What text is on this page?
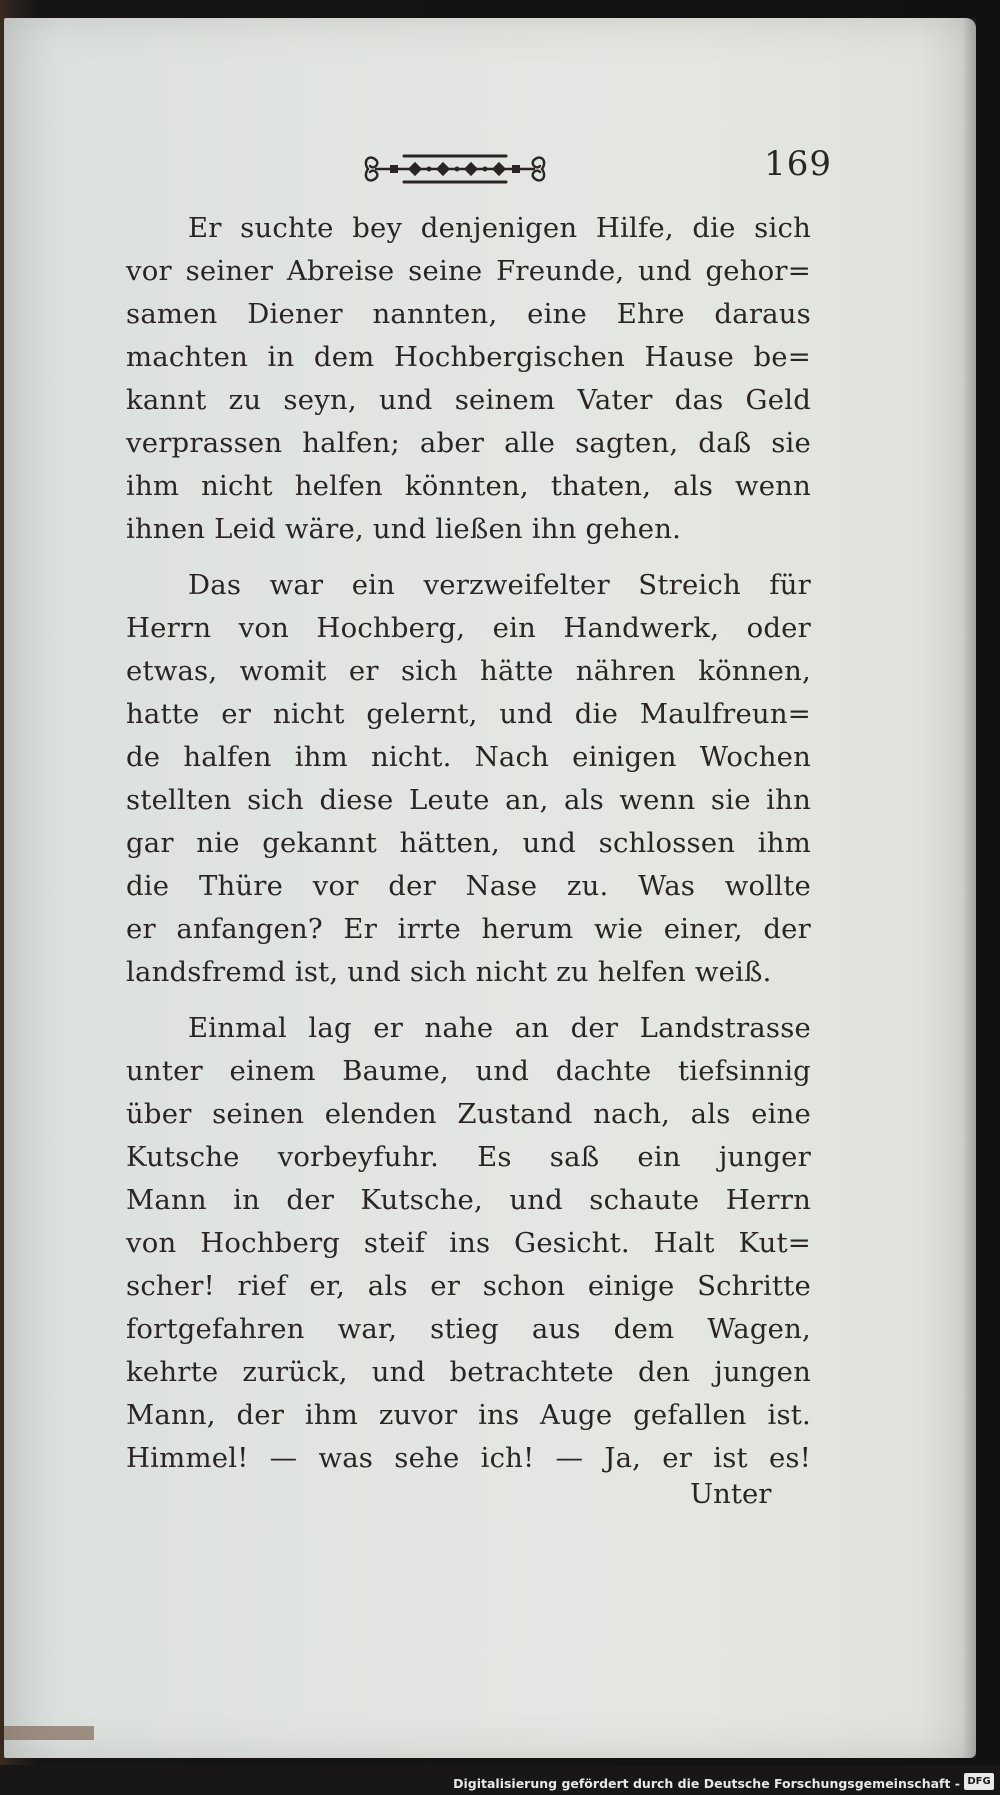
169
Er suchte bey denjenigen Hilfe, die sich
vor seiner Abreise seine Freunde, und gehor=
samen Diener nannten, eine Ehre daraus
machten in dem Hochbergischen Hause be=
kannt zu seyn, und seinem Vater das Geld
verprassen halfen; aber alle sagten, daß sie
ihm nicht helfen könnten, thaten, als wenn
ihnen Leid wäre, und ließen ihn gehen.
Das war ein verzweifelter Streich für
Herrn von Hochberg, ein Handwerk, oder
etwas, womit er sich hätte nähren können,
hatte er nicht gelernt, und die Maulfreun=
de halfen ihm nicht. Nach einigen Wochen
stellten sich diese Leute an, als wenn sie ihn
gar nie gekannt hätten, und schlossen ihm
die Thüre vor der Nase zu. Was wollte
er anfangen? Er irrte herum wie einer, der
landsfremd ist, und sich nicht zu helfen weiß.
Einmal lag er nahe an der Landstrasse
unter einem Baume, und dachte tiefsinnig
über seinen elenden Zustand nach, als eine
Kutsche vorbeyfuhr. Es saß ein junger
Mann in der Kutsche, und schaute Herrn
von Hochberg steif ins Gesicht. Halt Kut=
scher! rief er, als er schon einige Schritte
fortgefahren war, stieg aus dem Wagen,
kehrte zurück, und betrachtete den jungen
Mann, der ihm zuvor ins Auge gefallen ist.
Himmel! — was sehe ich! — Ja, er ist es!
Unter
Digitalisierung gefördert durch die Deutsche Forschungsgemeinschaft - DFG
